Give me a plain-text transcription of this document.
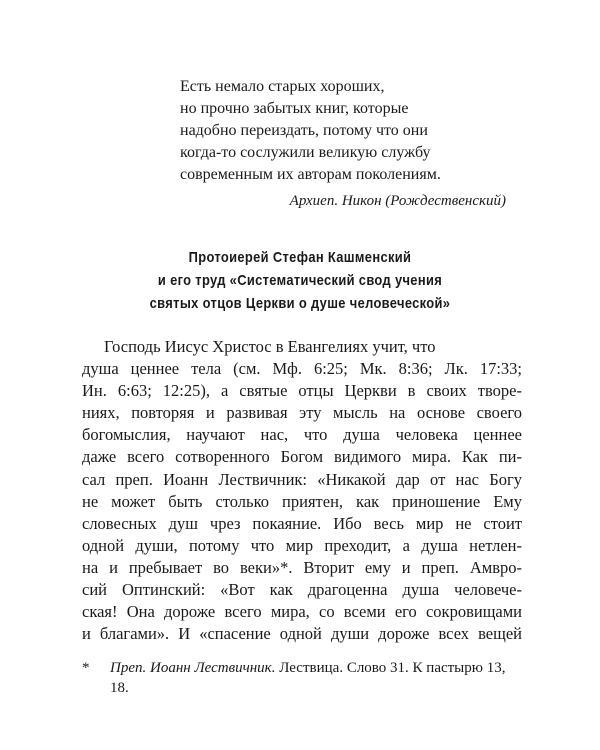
Есть немало старых хороших,
но прочно забытых книг, которые
надобно переиздать, потому что они
когда-то сослужили великую службу
современным их авторам поколениям.
Архиеп. Никон (Рождественский)
Протоиерей Стефан Кашменский
и его труд «Систематический свод учения
святых отцов Церкви о душе человеческой»
Господь Иисус Христос в Евангелиях учит, что
душа ценнее тела (см. Мф. 6:25; Мк. 8:36; Лк. 17:33;
Ин. 6:63; 12:25), а святые отцы Церкви в своих творе-
ниях, повторяя и развивая эту мысль на основе своего
богомыслия, научают нас, что душа человека ценнее
даже всего сотворенного Богом видимого мира. Как пи-
сал преп. Иоанн Лествичник: «Никакой дар от нас Богу
не может быть столько приятен, как приношение Ему
словесных душ чрез покаяние. Ибо весь мир не стоит
одной души, потому что мир преходит, а душа нетлен-
на и пребывает во веки»*. Вторит ему и преп. Амвро-
сий Оптинский: «Вот как драгоценна душа человече-
ская! Она дороже всего мира, со всеми его сокровищами
и благами». И «спасение одной души дороже всех вещей
* Преп. Иоанн Лествичник. Лествица. Слово 31. К пастырю 13, 18.
